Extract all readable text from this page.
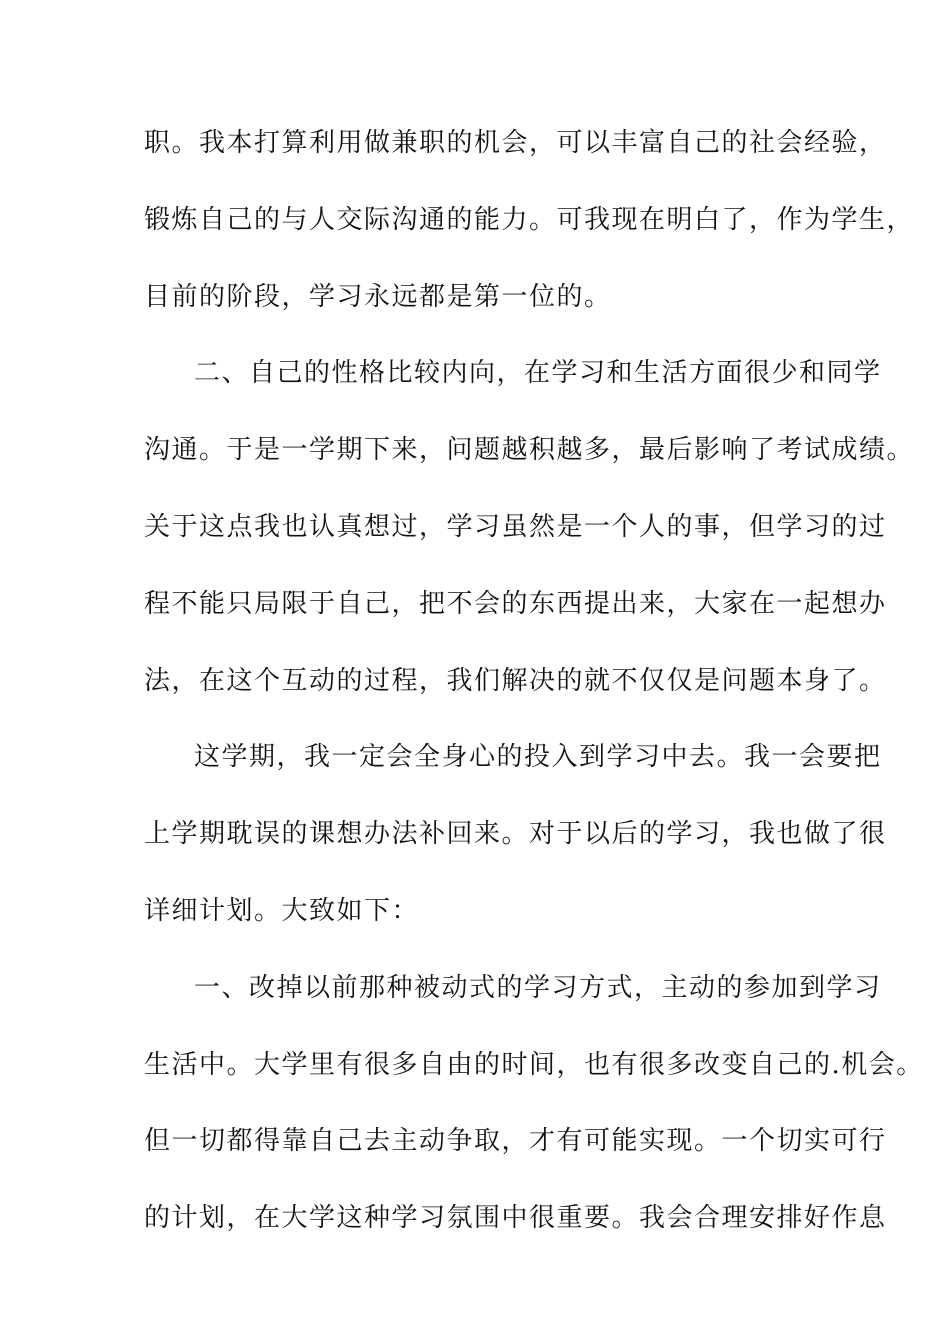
职。我本打算利用做兼职的机会，可以丰富自己的社会经验，
锻炼自己的与人交际沟通的能力。可我现在明白了，作为学生，
目前的阶段，学习永远都是第一位的。
二、自己的性格比较内向，在学习和生活方面很少和同学
沟通。于是一学期下来，问题越积越多，最后影响了考试成绩。
关于这点我也认真想过，学习虽然是一个人的事，但学习的过
程不能只局限于自己，把不会的东西提出来，大家在一起想办
法，在这个互动的过程，我们解决的就不仅仅是问题本身了。
这学期，我一定会全身心的投入到学习中去。我一会要把
上学期耽误的课想办法补回来。对于以后的学习，我也做了很
详细计划。大致如下：
一、改掉以前那种被动式的学习方式，主动的参加到学习
生活中。大学里有很多自由的时间，也有很多改变自己的.机会。
但一切都得靠自己去主动争取，才有可能实现。一个切实可行
的计划，在大学这种学习氛围中很重要。我会合理安排好作息
